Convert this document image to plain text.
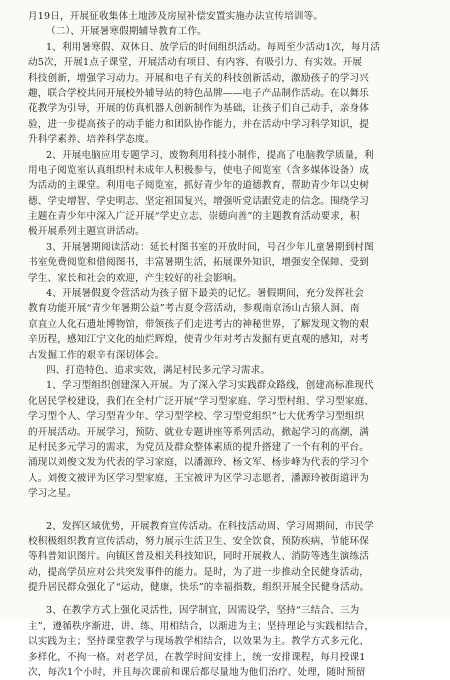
月19日，开展征收集体土地涉及房屋补偿安置实施办法宣传培训等。
（二）、开展暑寒假期辅导教育工作。
1、利用暑寒假、双休日、放学后的时间组织活动。每周至少活动1次，每月活
动5次，开展1点子课堂，开展活动有项目、有内容、有吸引力、有实效。开展
科技创新，增强学习动力。开展和电子有关的科技创新活动，激励孩子的学习兴
趣，联合学校共同开展校外辅导站的特色品牌——电子产品制作活动。在以舞乐
花教学为引导，开展的仿真机器人创新制作为基础，让孩子们自己动手，亲身体
验，进一步提高孩子的动手能力和团队协作能力，并在活动中学习科学知识，提
升科学素养、培养科学态度。
2、开展电脑应用专题学习、废物利用科技小制作，提高了电脑教学质量，利
用电子阅览室认真组织村未成年人积极参与，使电子阅览室（含多媒体设备）成
为活动的主课堂。利用电子阅览室，抓好青少年的道德教育，帮助青少年以史树
德、学史增智、学史明志、坚定祖国复兴，增强听党话跟党走的信念。围绕学习
主题在青少年中深入广泛开展“学史立志、崇德向善”的主题教育活动要求，积
极开展系列主题宣讲活动。
3、开展暑期阅读活动：延长村图书室的开放时间，号召少年儿童暑期到村图
书室免费阅览和借阅图书，丰富暑期生活，拓展课外知识，增强安全保障、受到
学生、家长和社会的欢迎，产生较好的社会影响。
4、开展暑假夏令营活动为孩子留下最美的记忆。暑假期间，充分发挥社会
教育功能开展“青少年暑期公益”考古夏令营活动，参观南京汤山古猿人洞、南
京直立人化石遗址博物馆，带领孩子们走进考古的神秘世界，了解发现文物的艰
辛历程，感知江宁文化的灿烂辉煌，使青少年对考古发掘有更直观的感知，对考
古发掘工作的艰辛有深切体会。
四、打造特色、追求实效，满足村民多元学习需求。
1、学习型组织创建深入开展。为了深入学习实践群众路线，创建高标准现代
化居民学校建设，我们在全村广泛开展“学习型家庭、学习型村组、学习型家庭、
学习型个人、学习型青少年、学习型学校、学习型党组织”七大优秀学习型组织
的开展活动。开展学习，预防、就业专题讲座等系列活动，掀起学习的高潮，满
足村民多元学习的需求，为党员及群众整体素质的提升搭建了一个有利的平台。
涌现以刘俊文发为代表的学习家庭，以潘源玲、杨文军、杨步峰为代表的学习个
人。刘俊文被评为区学习型家庭，王宝被评为区学习志愿者，潘源玲被街道评为
学习之星。
2、发挥区域优势，开展教育宣传活动。在科技活动周、学习周期间，市民学
校积极组织教育宣传活动，努力展示生活卫生、安全饮食，预防疾病，节能环保
等科普知识图片。向镇区普及相关科技知识，同时开展救人、消防等逃生演练活
动，提高学员应对公共突发事件的能力。是时，为了进一步推动全民健身活动，
提升居民群众强化了“运动，健康，快乐”的幸福指数，组织开展全民健身活动。
3、在教学方式上强化灵活性，因学制宜，因需设学，坚持“三结合、三为
主”，遵循秩序渐进，讲、练、用相结合，以渐进为主；坚持理论与实践相结合，
以实践为主；坚持课堂教学与现场教学相结合，以效果为主。教学方式多元化、
多样化，不拘一格。对老学员，在教学时间安排上，统一安排课程，每月授课1
次，每次1个小时，并且每次课前和课后都尽量地为他们治疗、处理，随时预留
